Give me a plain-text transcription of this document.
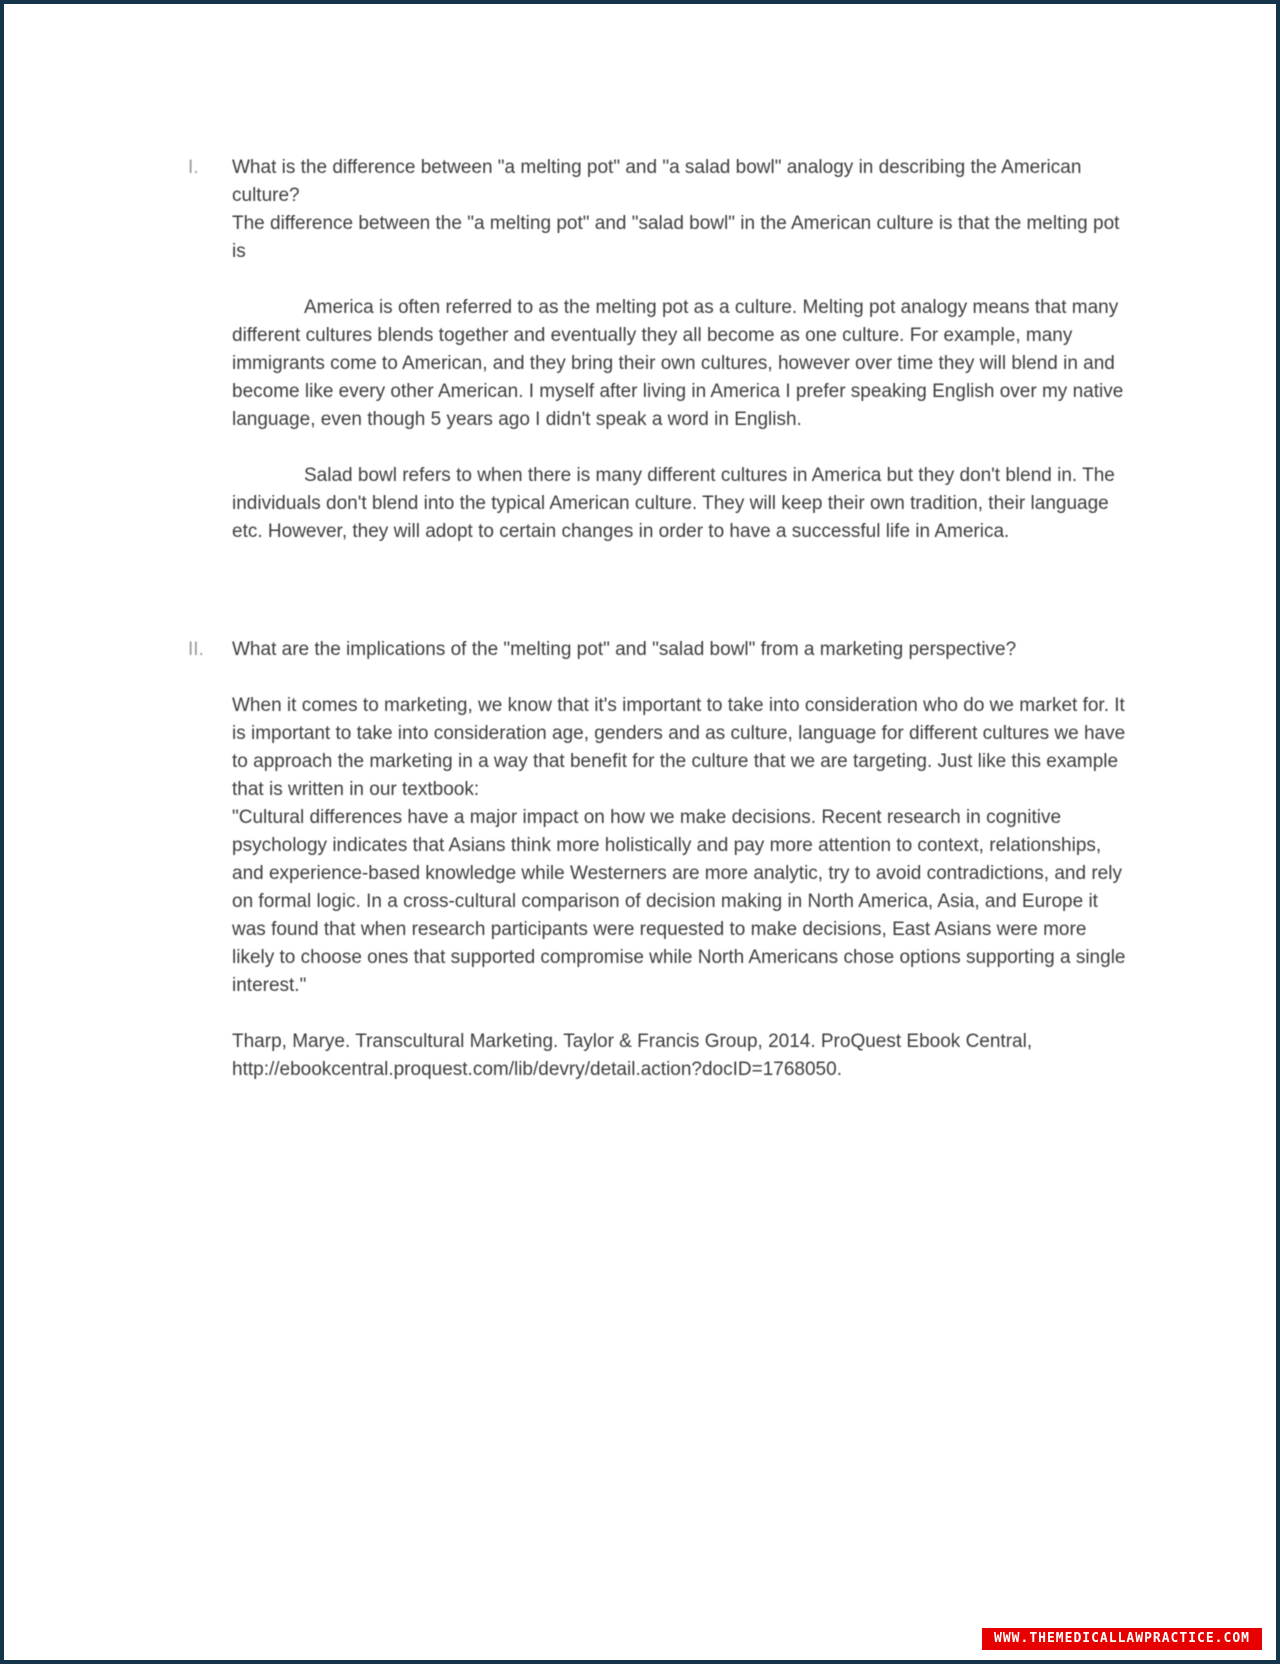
I.	What is the difference between "a melting pot" and "a salad bowl" analogy in describing the American culture?

The difference between the "a melting pot" and "salad bowl" in the American culture is that the melting pot is

America is often referred to as the melting pot as a culture. Melting pot analogy means that many different cultures blends together and eventually they all become as one culture. For example, many immigrants come to American, and they bring their own cultures, however over time they will blend in and become like every other American. I myself after living in America I prefer speaking English over my native language, even though 5 years ago I didn't speak a word in English.

Salad bowl refers to when there is many different cultures in America but they don't blend in. The individuals don't blend into the typical American culture. They will keep their own tradition, their language etc. However, they will adopt to certain changes in order to have a successful life in America.

II.	What are the implications of the "melting pot" and "salad bowl" from a marketing perspective?

When it comes to marketing, we know that it's important to take into consideration who do we market for. It is important to take into consideration age, genders and as culture, language for different cultures we have to approach the marketing in a way that benefit for the culture that we are targeting. Just like this example that is written in our textbook:

"Cultural differences have a major impact on how we make decisions. Recent research in cognitive psychology indicates that Asians think more holistically and pay more attention to context, relationships, and experience-based knowledge while Westerners are more analytic, try to avoid contradictions, and rely on formal logic. In a cross-cultural comparison of decision making in North America, Asia, and Europe it was found that when research participants were requested to make decisions, East Asians were more likely to choose ones that supported compromise while North Americans chose options supporting a single interest."

Tharp, Marye. Transcultural Marketing. Taylor & Francis Group, 2014. ProQuest Ebook Central, http://ebookcentral.proquest.com/lib/devry/detail.action?docID=1768050.

WWW.THEMEDICALLAWPRACTICE.COM
